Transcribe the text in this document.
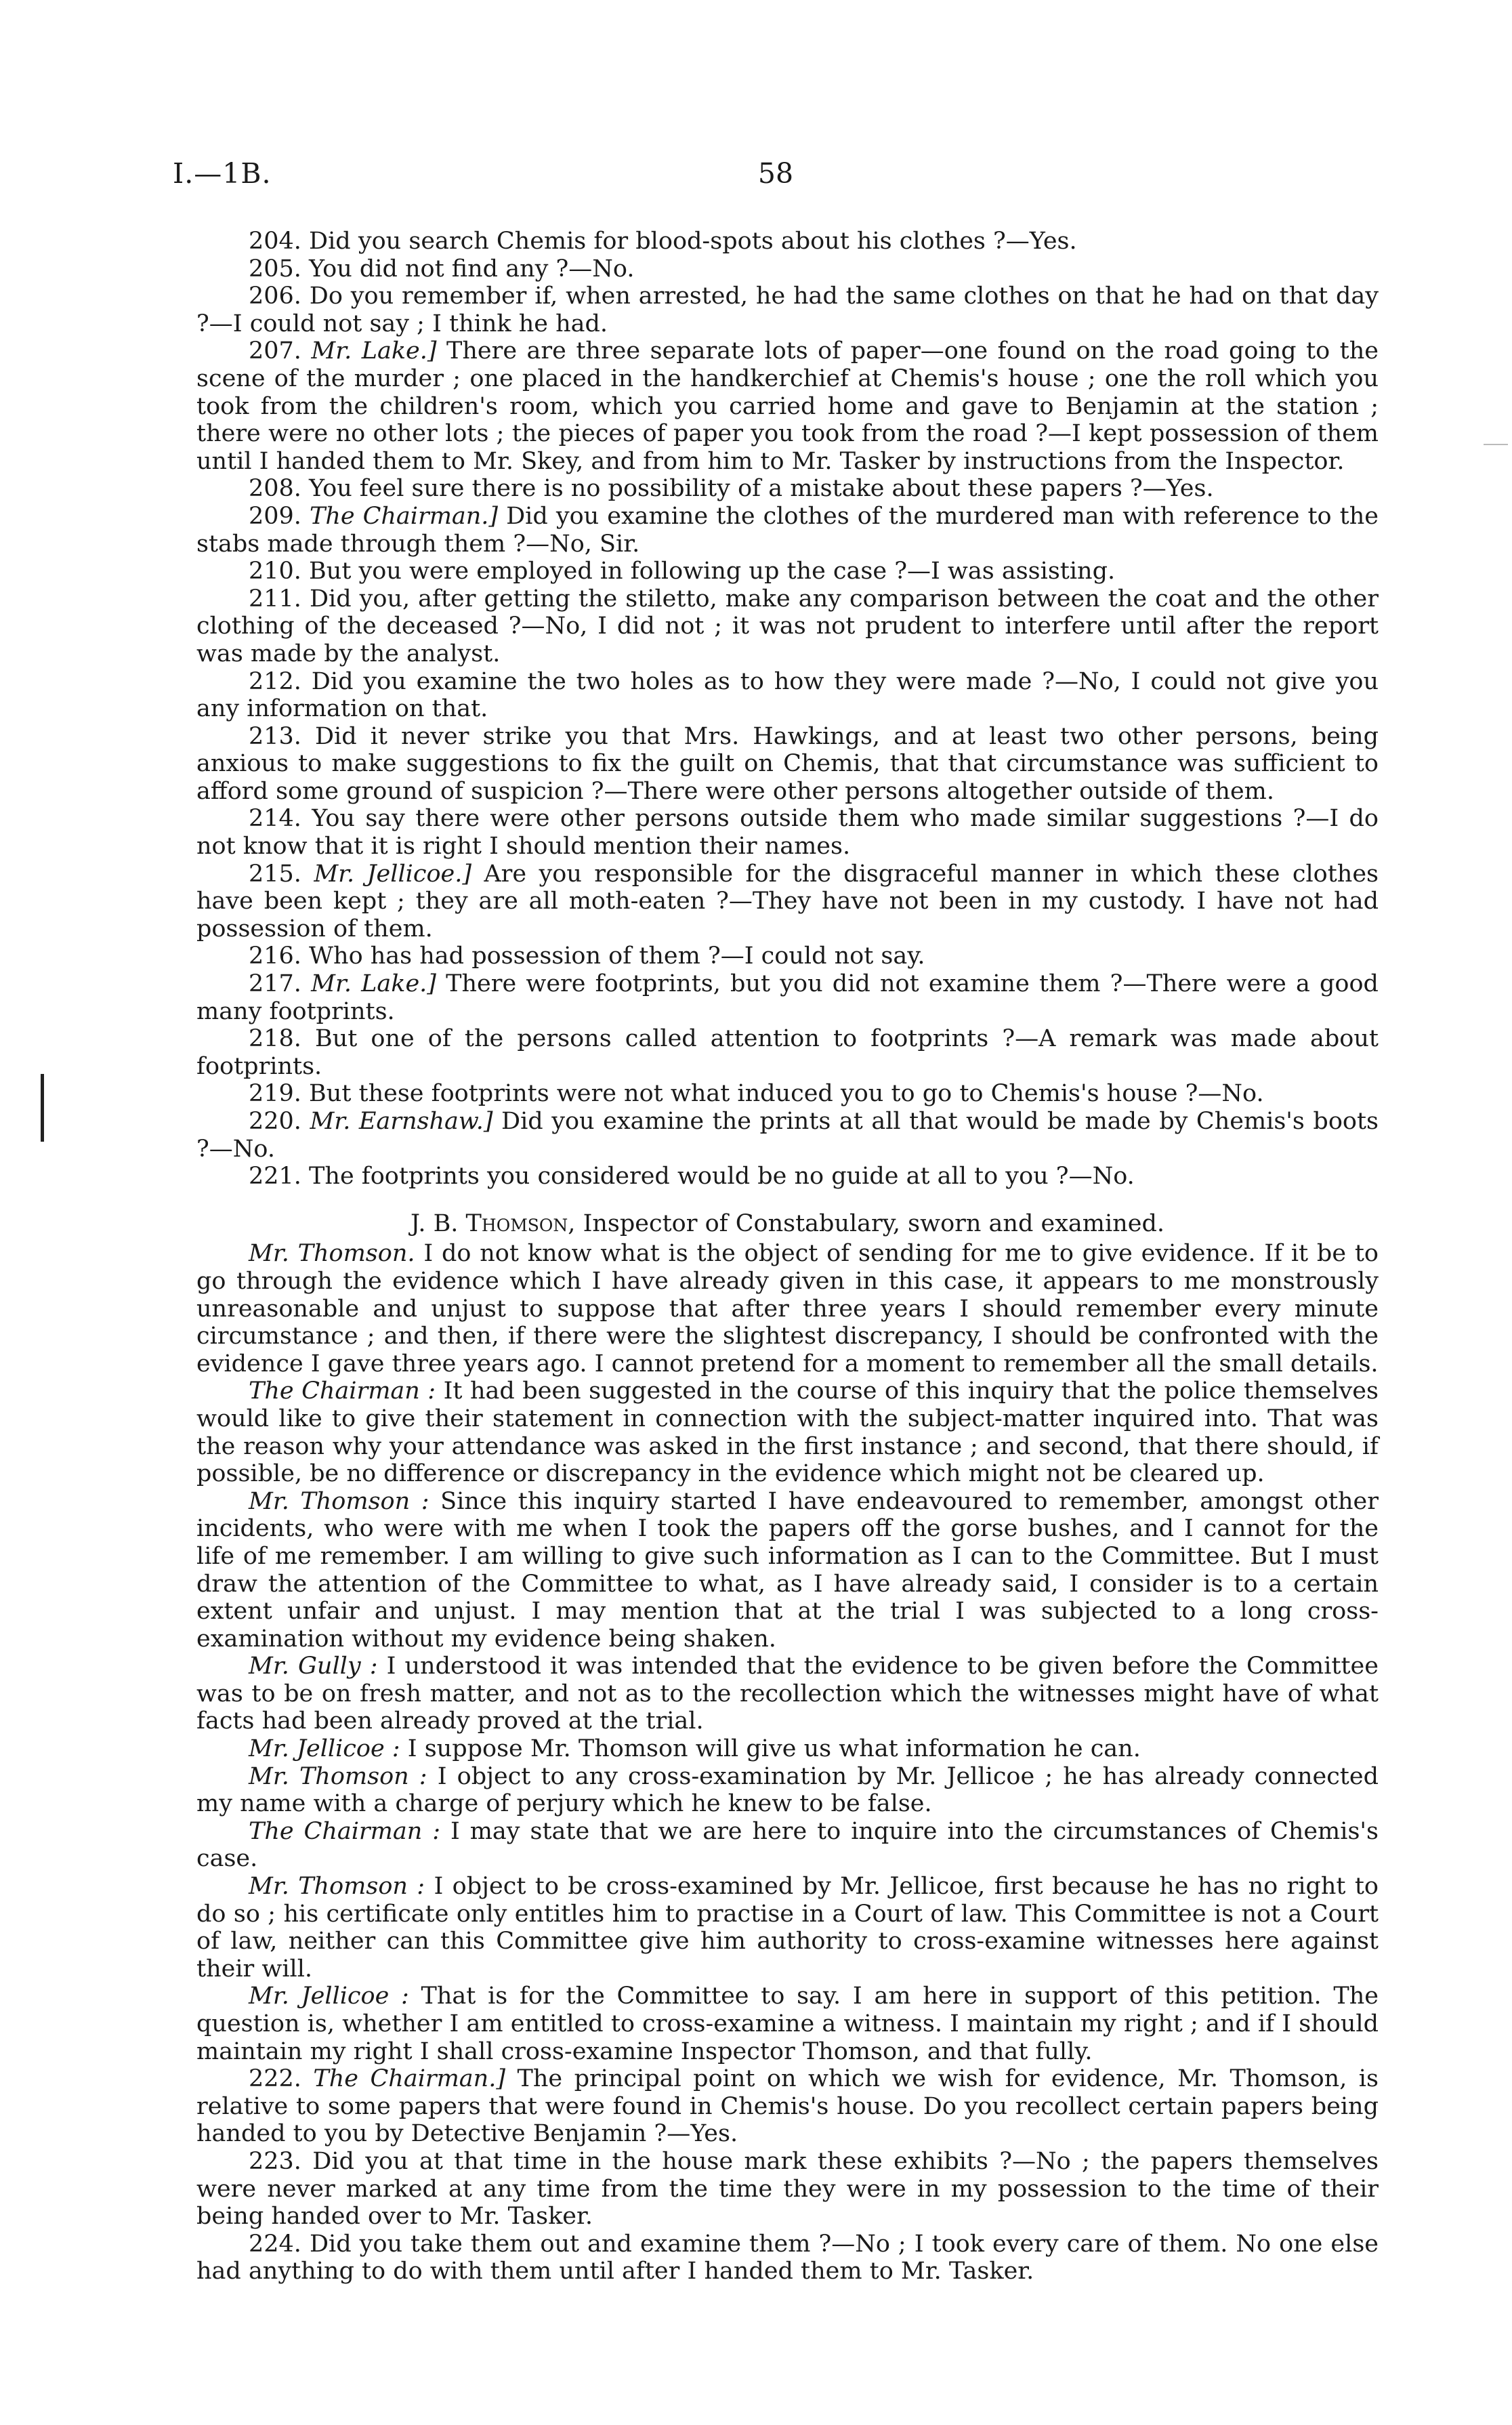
58
I.—1B.

204. Did you search Chemis for blood-spots about his clothes ?—Yes.

205. You did not find any ?—No.

206. Do you remember if, when arrested, he had the same clothes on that he had on that day ?—I could not say ; I think he had.

207. Mr. Lake.] There are three separate lots of paper—one found on the road going to the scene of the murder ; one placed in the handkerchief at Chemis's house ; one the roll which you took from the children's room, which you carried home and gave to Benjamin at the station ; there were no other lots ; the pieces of paper you took from the road ?—I kept possession of them until I handed them to Mr. Skey, and from him to Mr. Tasker by instructions from the Inspector.

208. You feel sure there is no possibility of a mistake about these papers ?—Yes.

209. The Chairman.] Did you examine the clothes of the murdered man with reference to the stabs made through them ?—No, Sir.

210. But you were employed in following up the case ?—I was assisting.

211. Did you, after getting the stiletto, make any comparison between the coat and the other clothing of the deceased ?—No, I did not ; it was not prudent to interfere until after the report was made by the analyst.

212. Did you examine the two holes as to how they were made ?—No, I could not give you any information on that.

213. Did it never strike you that Mrs. Hawkings, and at least two other persons, being anxious to make suggestions to fix the guilt on Chemis, that that circumstance was sufficient to afford some ground of suspicion ?—There were other persons altogether outside of them.

214. You say there were other persons outside them who made similar suggestions ?—I do not know that it is right I should mention their names.

215. Mr. Jellicoe.] Are you responsible for the disgraceful manner in which these clothes have been kept ; they are all moth-eaten ?—They have not been in my custody. I have not had possession of them.

216. Who has had possession of them ?—I could not say.

217. Mr. Lake.] There were footprints, but you did not examine them ?—There were a good many footprints.

218. But one of the persons called attention to footprints ?—A remark was made about footprints.

219. But these footprints were not what induced you to go to Chemis's house ?—No.

220. Mr. Earnshaw.] Did you examine the prints at all that would be made by Chemis's boots ?—No.

221. The footprints you considered would be no guide at all to you ?—No.

J. B. Thomson, Inspector of Constabulary, sworn and examined.

Mr. Thomson. I do not know what is the object of sending for me to give evidence. If it be to go through the evidence which I have already given in this case, it appears to me monstrously unreasonable and unjust to suppose that after three years I should remember every minute circumstance ; and then, if there were the slightest discrepancy, I should be confronted with the evidence I gave three years ago. I cannot pretend for a moment to remember all the small details.

The Chairman : It had been suggested in the course of this inquiry that the police themselves would like to give their statement in connection with the subject-matter inquired into. That was the reason why your attendance was asked in the first instance ; and second, that there should, if possible, be no difference or discrepancy in the evidence which might not be cleared up.

Mr. Thomson : Since this inquiry started I have endeavoured to remember, amongst other incidents, who were with me when I took the papers off the gorse bushes, and I cannot for the life of me remember. I am willing to give such information as I can to the Committee. But I must draw the attention of the Committee to what, as I have already said, I consider is to a certain extent unfair and unjust. I may mention that at the trial I was subjected to a long cross-examination without my evidence being shaken.

Mr. Gully : I understood it was intended that the evidence to be given before the Committee was to be on fresh matter, and not as to the recollection which the witnesses might have of what facts had been already proved at the trial.

Mr. Jellicoe : I suppose Mr. Thomson will give us what information he can.

Mr. Thomson : I object to any cross-examination by Mr. Jellicoe ; he has already connected my name with a charge of perjury which he knew to be false.

The Chairman : I may state that we are here to inquire into the circumstances of Chemis's case.

Mr. Thomson : I object to be cross-examined by Mr. Jellicoe, first because he has no right to do so ; his certificate only entitles him to practise in a Court of law. This Committee is not a Court of law, neither can this Committee give him authority to cross-examine witnesses here against their will.

Mr. Jellicoe : That is for the Committee to say. I am here in support of this petition. The question is, whether I am entitled to cross-examine a witness. I maintain my right ; and if I should maintain my right I shall cross-examine Inspector Thomson, and that fully.

222. The Chairman.] The principal point on which we wish for evidence, Mr. Thomson, is relative to some papers that were found in Chemis's house. Do you recollect certain papers being handed to you by Detective Benjamin ?—Yes.

223. Did you at that time in the house mark these exhibits ?—No ; the papers themselves were never marked at any time from the time they were in my possession to the time of their being handed over to Mr. Tasker.

224. Did you take them out and examine them ?—No ; I took every care of them. No one else had anything to do with them until after I handed them to Mr. Tasker.
